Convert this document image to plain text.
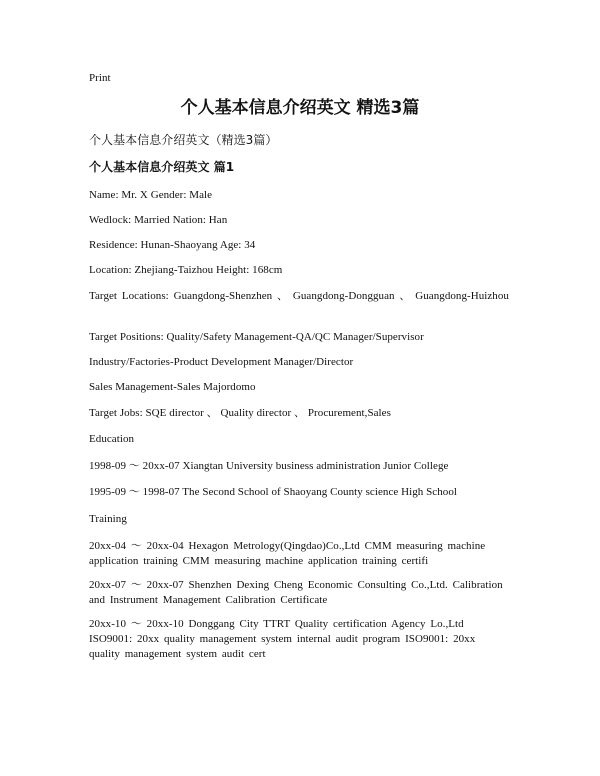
Print
个人基本信息介绍英文 精选3篇
个人基本信息介绍英文（精选3篇）
个人基本信息介绍英文 篇1
Name: Mr. X Gender: Male
Wedlock: Married Nation: Han
Residence: Hunan-Shaoyang Age: 34
Location: Zhejiang-Taizhou Height: 168cm
Target Locations: Guangdong-Shenzhen 、 Guangdong-Dongguan 、 Guangdong-Huizhou
Target Positions: Quality/Safety Management-QA/QC Manager/Supervisor
Industry/Factories-Product Development Manager/Director
Sales Management-Sales Majordomo
Target Jobs: SQE director 、 Quality director 、 Procurement,Sales
Education
1998-09 ～ 20xx-07 Xiangtan University business administration Junior College
1995-09 ～ 1998-07 The Second School of Shaoyang County science High School
Training
20xx-04 ～ 20xx-04 Hexagon Metrology(Qingdao)Co.,Ltd CMM measuring machine application training CMM measuring machine application training certifi
20xx-07 ～ 20xx-07 Shenzhen Dexing Cheng Economic Consulting Co.,Ltd. Calibration and Instrument Management Calibration Certificate
20xx-10 ～ 20xx-10 Donggang City TTRT Quality certification Agency Lo.,Ltd ISO9001: 20xx quality management system internal audit program ISO9001: 20xx quality management system audit cert
